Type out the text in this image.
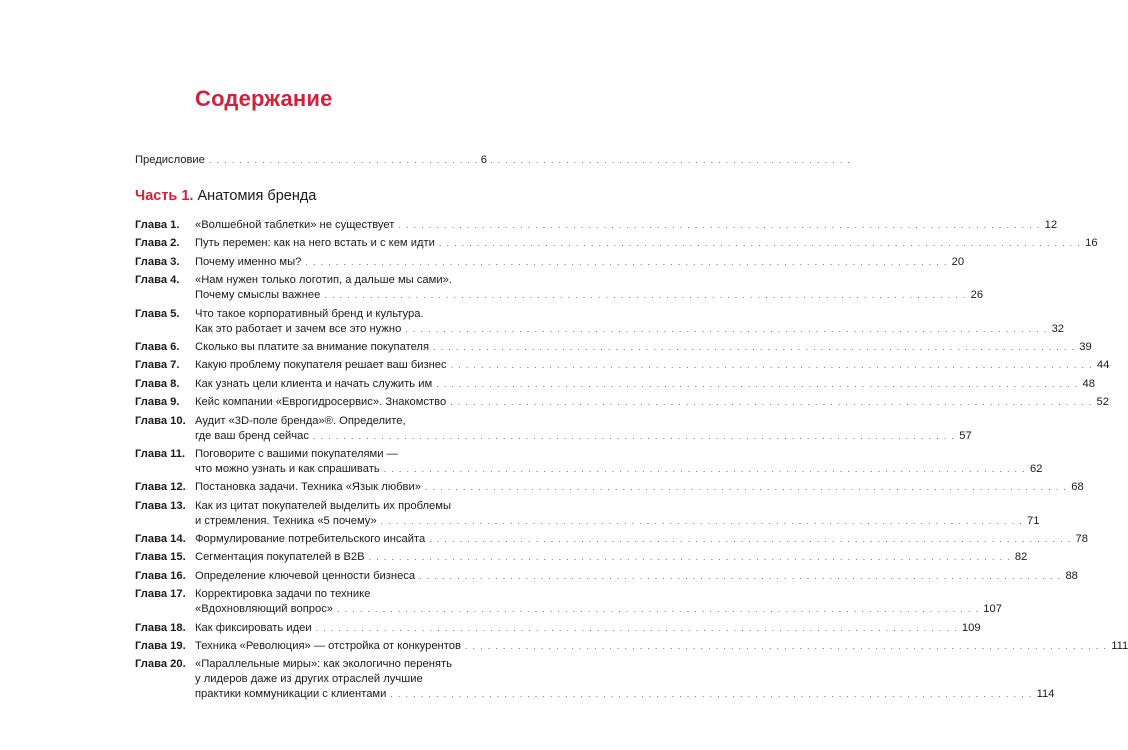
Содержание
Предисловие . . .	6
Часть 1. Анатомия бренда
Глава 1.	«Волшебной таблетки» не существует . . .	12
Глава 2.	Путь перемен: как на него встать и с кем идти . . .	16
Глава 3.	Почему именно мы? . . .	20
Глава 4.	«Нам нужен только логотип, а дальше мы сами».
Почему смыслы важнее . . .	26
Глава 5.	Что такое корпоративный бренд и культура.
Как это работает и зачем все это нужно . . .	32
Глава 6.	Сколько вы платите за внимание покупателя . . .	39
Глава 7.	Какую проблему покупателя решает ваш бизнес . . .	44
Глава 8.	Как узнать цели клиента и начать служить им . . .	48
Глава 9.	Кейс компании «Еврогидросервис». Знакомство . . .	52
Глава 10. Аудит «3D-поле бренда»®. Определите,
где ваш бренд сейчас . . .	57
Глава 11. Поговорите с вашими покупателями —
что можно узнать и как спрашивать . . .	62
Глава 12. Постановка задачи. Техника «Язык любви» . . .	68
Глава 13. Как из цитат покупателей выделить их проблемы
и стремления. Техника «5 почему» . . .	71
Глава 14. Формулирование потребительского инсайта . . .	78
Глава 15. Сегментация покупателей в B2B . . .	82
Глава 16. Определение ключевой ценности бизнеса . . .	88
Глава 17. Корректировка задачи по технике
«Вдохновляющий вопрос» . . .	107
Глава 18. Как фиксировать идеи . . .	109
Глава 19. Техника «Революция» — отстройка от конкурентов . . .	111
Глава 20. «Параллельные миры»: как экологично перенять
у лидеров даже из других отраслей лучшие
практики коммуникации с клиентами . . .	114
